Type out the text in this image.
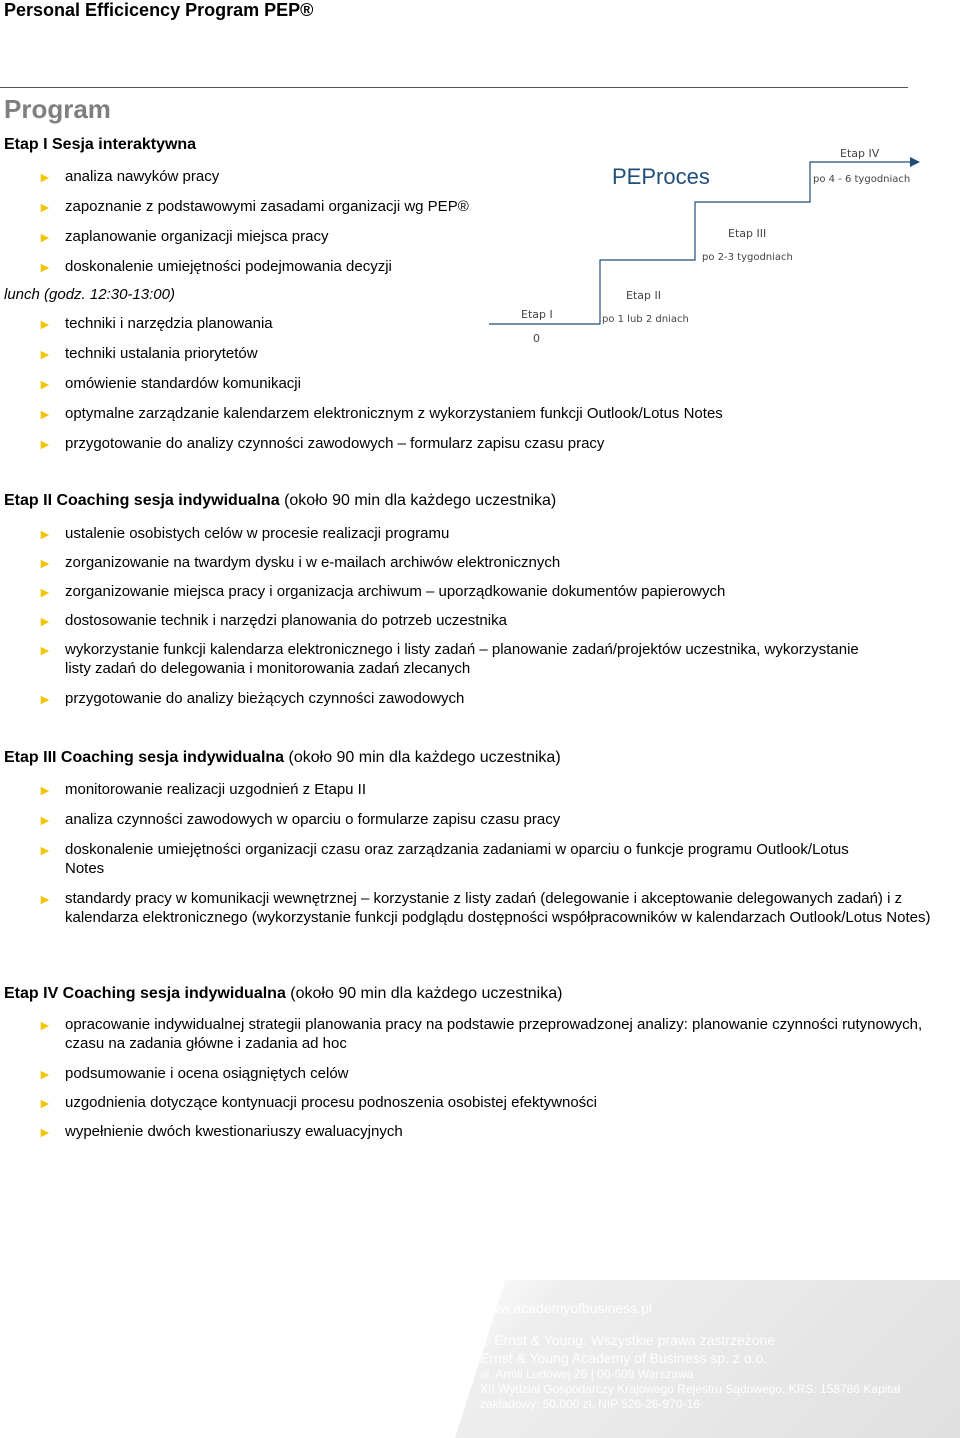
Personal Efficicency Program PEP®
Program
Etap I Sesja interaktywna
► analiza nawyków pracy
► zapoznanie z podstawowymi zasadami organizacji wg PEP®
► zaplanowanie organizacji miejsca pracy
► doskonalenie umiejętności podejmowania decyzji
lunch (godz. 12:30-13:00)
► techniki i narzędzia planowania
► techniki ustalania priorytetów
► omówienie standardów komunikacji
► optymalne zarządzanie kalendarzem elektronicznym z wykorzystaniem funkcji Outlook/Lotus Notes
► przygotowanie do analizy czynności zawodowych – formularz zapisu czasu pracy
PEProces
Etap I
0
Etap II
po 1 lub 2 dniach
Etap III
po 2-3 tygodniach
Etap IV
po 4 - 6 tygodniach
Etap II Coaching sesja indywidualna (około 90 min dla każdego uczestnika)
► ustalenie osobistych celów w procesie realizacji programu
► zorganizowanie na twardym dysku i w e-mailach archiwów elektronicznych
► zorganizowanie miejsca pracy i organizacja archiwum – uporządkowanie dokumentów papierowych
► dostosowanie technik i narzędzi planowania do potrzeb uczestnika
► wykorzystanie funkcji kalendarza elektronicznego i listy zadań – planowanie zadań/projektów uczestnika, wykorzystanie listy zadań do delegowania i monitorowania zadań zlecanych
► przygotowanie do analizy bieżących czynności zawodowych
Etap III Coaching sesja indywidualna (około 90 min dla każdego uczestnika)
► monitorowanie realizacji uzgodnień z Etapu II
► analiza czynności zawodowych w oparciu o formularze zapisu czasu pracy
► doskonalenie umiejętności organizacji czasu oraz zarządzania zadaniami w oparciu o funkcje programu Outlook/Lotus Notes
► standardy pracy w komunikacji wewnętrznej – korzystanie z listy zadań (delegowanie i akceptowanie delegowanych zadań) i z kalendarza elektronicznego (wykorzystanie funkcji podglądu dostępności współpracowników w kalendarzach Outlook/Lotus Notes)
Etap IV Coaching sesja indywidualna (około 90 min dla każdego uczestnika)
► opracowanie indywidualnej strategii planowania pracy na podstawie przeprowadzonej analizy: planowanie czynności rutynowych, czasu na zadania główne i zadania ad hoc
► podsumowanie i ocena osiągniętych celów
► uzgodnienia dotyczące kontynuacji procesu podnoszenia osobistej efektywności
► wypełnienie dwóch kwestionariuszy ewaluacyjnych
www.academyofbusiness.pl
© Ernst & Young. Wszystkie prawa zastrzeżone
Ernst & Young Academy of Business sp. z o.o.
al. Armii Ludowej 26 | 00-609 Warszawa
XII Wydział Gospodarczy Krajowego Rejestru Sądowego, KRS: 158786 Kapitał
zakładowy: 50.000 zł, NIP 526-26-970-16
